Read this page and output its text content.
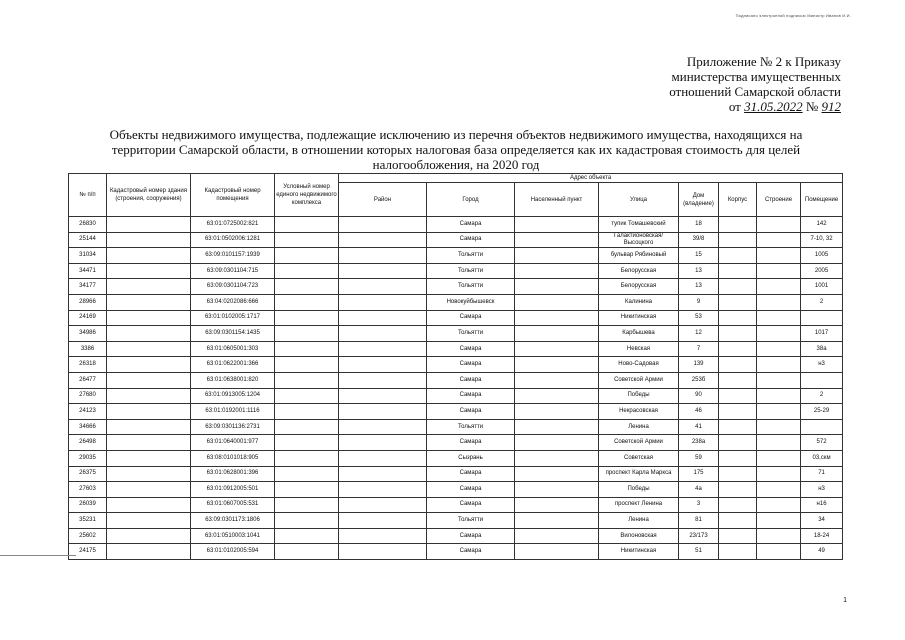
Подписано электронной подписью Министр Иванов И.И.
Приложение № 2 к Приказу
министерства имущественных
отношений Самарской области
от 31.05.2022 № 912
Объекты недвижимого имущества, подлежащие исключению из перечня объектов недвижимого имущества, находящихся на территории Самарской области, в отношении которых налоговая база определяется как их кадастровая стоимость для целей налогообложения, на 2020 год
№ п/п	Кадастровый номер здания (строения, сооружения)	Кадастровый номер помещения	Условный номер единого недвижимого комплекса	Адрес объекта							
				Район	Город	Населенный пункт	Улица	Дом (владение)	Корпус	Строение	Помещение
26830		63:01:0725002:821			Самара		тупик Томашевский	18			142
25144		63:01:0502006:1281			Самара		Галактионовская/ Высоцкого	39/8			7-10, 32
31034		63:09:0101157:1939			Тольятти		бульвар Рябиновый	15			1005
34471		63:09:0301104:715			Тольятти		Белорусская	13			2005
34177		63:09:0301104:723			Тольятти		Белорусская	13			1001
28966		63:04:0202086:666			Новокуйбышевск		Калинина	9			2
24169		63:01:0102005:1717			Самара		Никитинская	53			
34986		63:09:0301154:1435			Тольятти		Карбышева	12			1017
3386		63:01:0605001:303			Самара		Невская	7			38а
26318		63:01:0622001:366			Самара		Ново-Садовая	139			н3
26477		63:01:0638001:820			Самара		Советской Армии	253б			
27680		63:01:0913005:1204			Самара		Победы	90			2
24123		63:01:0192001:1116			Самара		Некрасовская	46			25-29
34666		63:09:0301136:2731			Тольятти		Ленина	41			
26498		63:01:0640001:977			Самара		Советской Армии	238а			572
29035		63:08:0101018:905			Сызрань		Советская	59			03,скм
26375		63:01:0628001:396			Самара		проспект Карла Маркса	175			71
27603		63:01:0912005:501			Самара		Победы	4а			н3
26039		63:01:0607005:531			Самара		проспект Ленина	3			н16
35231		63:09:0301173:1806			Тольятти		Ленина	81			34
25602		63:01:0510003:1041			Самара		Вилоновская	23/173			18-24
24175		63:01:0102005:594			Самара		Никитинская	51			49
1
